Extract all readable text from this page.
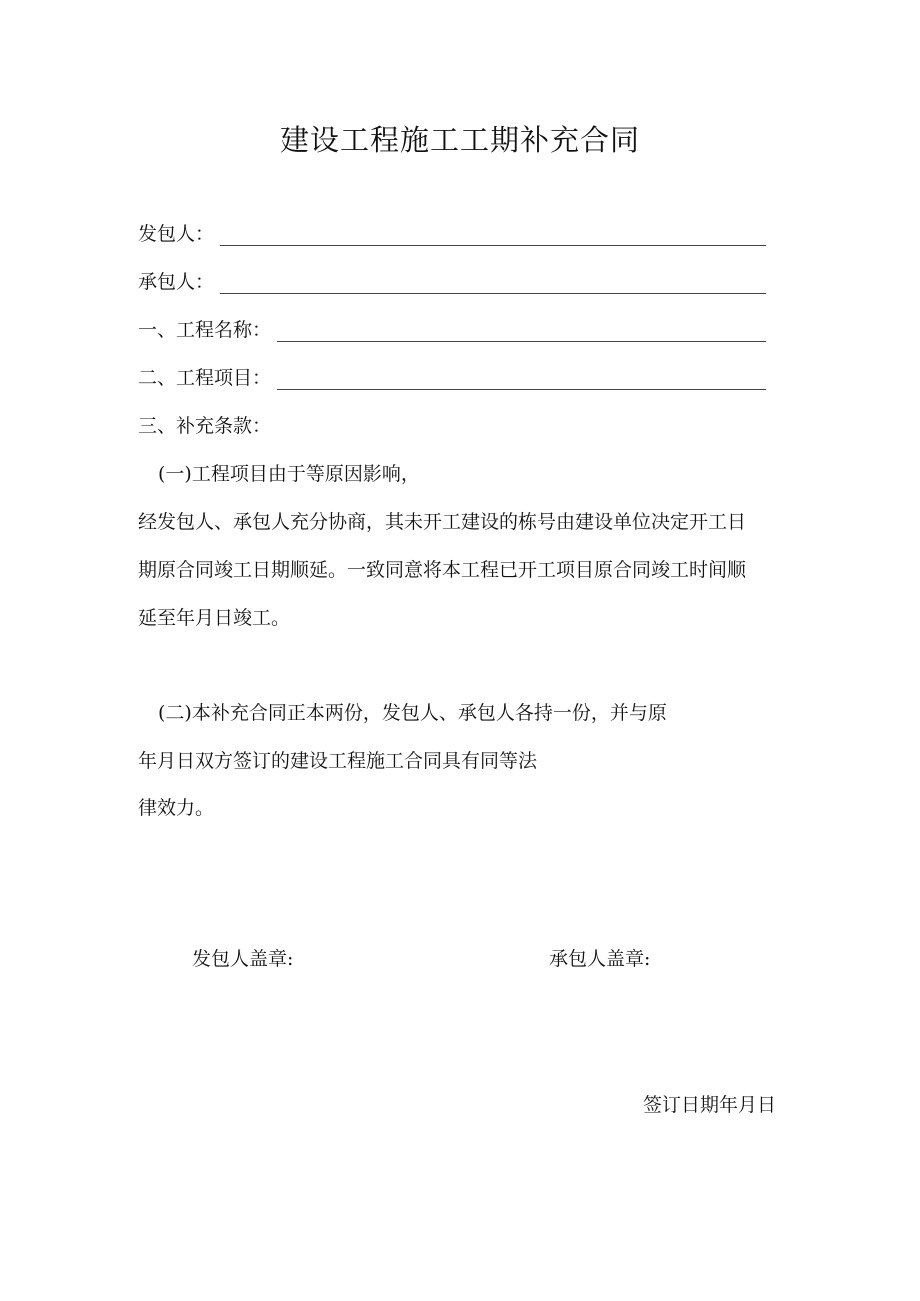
建设工程施工工期补充合同
发包人：
承包人：
一、工程名称：
二、工程项目：
三、补充条款：
(一)工程项目由于等原因影响，
经发包人、承包人充分协商，其未开工建设的栋号由建设单位决定开工日
期原合同竣工日期顺延。一致同意将本工程已开工项目原合同竣工时间顺
延至年月日竣工。
(二)本补充合同正本两份，发包人、承包人各持一份，并与原
年月日双方签订的建设工程施工合同具有同等法
律效力。
发包人盖章:	承包人盖章:
签订日期年月日
